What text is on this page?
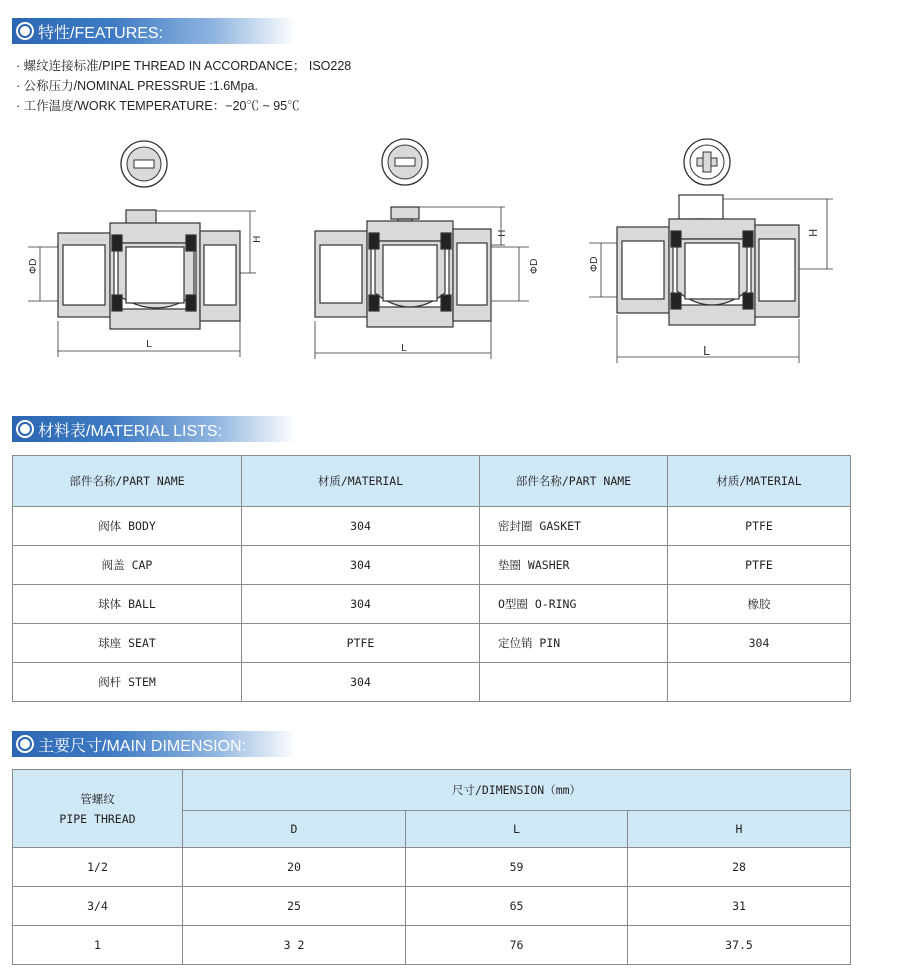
特性/FEATURES:
· 螺纹连接标准/PIPE THREAD IN ACCORDANCE； ISO228
· 公称压力/NOMINAL PRESSRUE :1.6Mpa.
· 工作温度/WORK TEMPERATURE：−20℃ ~ 95℃
ΦD
L
H
L
H
ΦD	ΦD
L
H
材料表/MATERIAL LISTS:
部件名称/PART NAME	材质/MATERIAL	部件名称/PART NAME	材质/MATERIAL
阀体 BODY	304	密封圈 GASKET	PTFE
阀盖 CAP	304	垫圈 WASHER	PTFE
球体 BALL	304	O型圈 O-RING	橡胶
球座 SEAT	PTFE	定位销 PIN	304
阀杆 STEM	304		
主要尺寸/MAIN DIMENSION:
管螺纹
PIPE THREAD	尺寸/DIMENSION（mm）		
	D	L	H
1/2	20	59	28
3/4	25	65	31
1	3 2	76	37.5
